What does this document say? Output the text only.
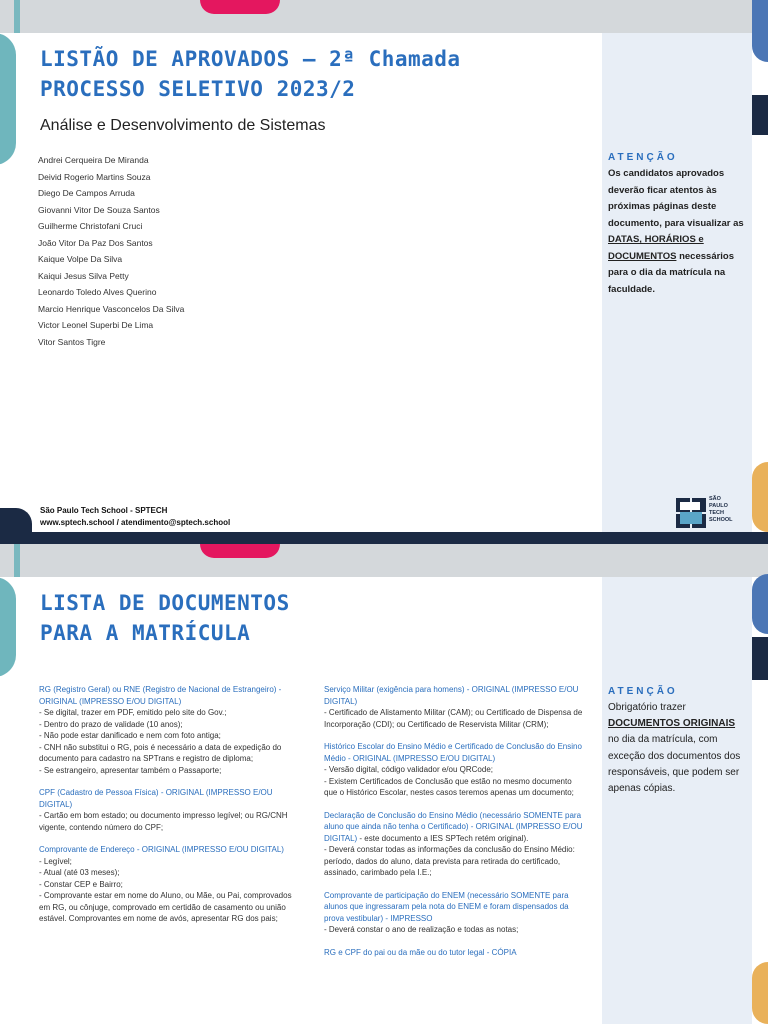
LISTÃO DE APROVADOS – 2ª Chamada
PROCESSO SELETIVO 2023/2
Análise e Desenvolvimento de Sistemas
Andrei Cerqueira De Miranda
Deivid Rogerio Martins Souza
Diego De Campos Arruda
Giovanni Vitor De Souza Santos
Guilherme Christofani Cruci
João Vitor Da Paz Dos Santos
Kaique Volpe Da Silva
Kaiqui Jesus Silva Petty
Leonardo Toledo Alves Querino
Marcio Henrique Vasconcelos Da Silva
Victor Leonel Superbi De Lima
Vitor Santos Tigre
ATENÇÃO
Os candidatos aprovados deverão ficar atentos às próximas páginas deste documento, para visualizar as DATAS, HORÁRIOS e DOCUMENTOS necessários para o dia da matrícula na faculdade.
São Paulo Tech School - SPTECH
www.sptech.school / atendimento@sptech.school
SÃO
PAULO
TECH
SCHOOL
LISTA DE DOCUMENTOS
PARA A MATRÍCULA
ATENÇÃO
Obrigatório trazer DOCUMENTOS ORIGINAIS no dia da matrícula, com exceção dos documentos dos responsáveis, que podem ser apenas cópias.
RG (Registro Geral) ou RNE (Registro de Nacional de Estrangeiro) - ORIGINAL (IMPRESSO E/OU DIGITAL)
- Se digital, trazer em PDF, emitido pelo site do Gov.;
- Dentro do prazo de validade (10 anos);
- Não pode estar danificado e nem com foto antiga;
- CNH não substitui o RG, pois é necessário a data de expedição do documento para cadastro na SPTrans e registro de diploma;
- Se estrangeiro, apresentar também o Passaporte;
CPF (Cadastro de Pessoa Física) - ORIGINAL (IMPRESSO E/OU DIGITAL)
- Cartão em bom estado; ou documento impresso legível; ou RG/CNH vigente, contendo número do CPF;
Comprovante de Endereço - ORIGINAL (IMPRESSO E/OU DIGITAL)
- Legível;
- Atual (até 03 meses);
- Constar CEP e Bairro;
- Comprovante estar em nome do Aluno, ou Mãe, ou Pai, comprovados em RG, ou cônjuge, comprovado em certidão de casamento ou união estável. Comprovantes em nome de avós, apresentar RG dos pais;
Serviço Militar (exigência para homens) - ORIGINAL (IMPRESSO E/OU DIGITAL)
- Certificado de Alistamento Militar (CAM); ou Certificado de Dispensa de Incorporação (CDI); ou Certificado de Reservista Militar (CRM);
Histórico Escolar do Ensino Médio e Certificado de Conclusão do Ensino Médio - ORIGINAL (IMPRESSO E/OU DIGITAL)
- Versão digital, código validador e/ou QRCode;
- Existem Certificados de Conclusão que estão no mesmo documento que o Histórico Escolar, nestes casos teremos apenas um documento;
Declaração de Conclusão do Ensino Médio (necessário SOMENTE para aluno que ainda não tenha o Certificado) - ORIGINAL (IMPRESSO E/OU DIGITAL) - este documento a IES SPTech retém original).
- Deverá constar todas as informações da conclusão do Ensino Médio: período, dados do aluno, data prevista para retirada do certificado, assinado, carimbado pela I.E.;
Comprovante de participação do ENEM (necessário SOMENTE para alunos que ingressaram pela nota do ENEM e foram dispensados da prova vestibular) - IMPRESSO
- Deverá constar o ano de realização e todas as notas;
RG e CPF do pai ou da mãe ou do tutor legal - CÓPIA
